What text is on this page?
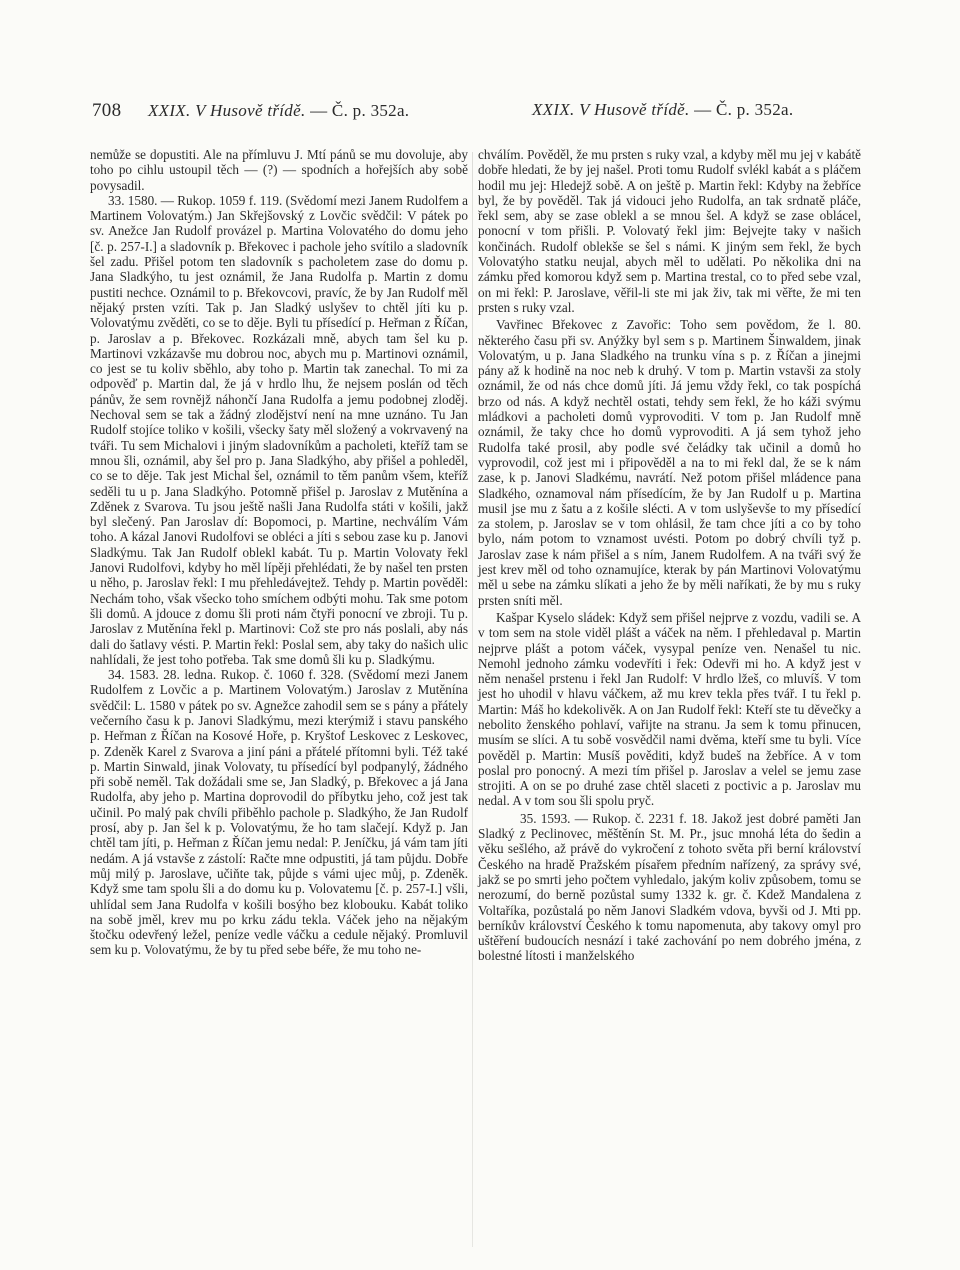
708 XXIX. V Husově třídě. — Č. p. 352a.	XXIX. V Husově třídě. — Č. p. 352a.

nemůže se dopustiti. Ale na přímluvu J. Mtí pánů se mu dovoluje, aby toho po cihlu ustoupil těch — (?) — spodních a hořejších aby sobě povysadil.

33. 1580. — Rukop. 1059 f. 119. (Svědomí mezi Janem Rudolfem a Martinem Volovatým.) Jan Skřejšovský z Lovčic svědčil: V pátek po sv. Anežce Jan Rudolf provázel p. Martina Volovatého do domu jeho [č. p. 257-I.] a sladovník p. Břekovec i pachole jeho svítilo a sladovník šel zadu. Přišel potom ten sladovník s pacholetem zase do domu p. Jana Sladkýho, tu jest oznámil, že Jana Rudolfa p. Martin z domu pustiti nechce. Oznámil to p. Břekovcovi, pravíc, že by Jan Rudolf měl nějaký prsten vzíti. Tak p. Jan Sladký uslyšev to chtěl jíti ku p. Volovatýmu zvěděti, co se to děje. Byli tu přísedící p. Heřman z Říčan, p. Jaroslav a p. Břekovec. Rozkázali mně, abych tam šel ku p. Martinovi vzkázavše mu dobrou noc, abych mu p. Martinovi oznámil, co jest se tu koliv sběhlo, aby toho p. Martin tak zanechal. To mi za odpověď p. Martin dal, že já v hrdlo lhu, že nejsem poslán od těch pánův, že sem rovnějž náhončí Jana Rudolfa a jemu podobnej zloděj. Nechoval sem se tak a žádný zlodějství není na mne uznáno. Tu Jan Rudolf stojíce toliko v košili, všecky šaty měl složený a vokrvavený na tváři. Tu sem Michalovi i jiným sladovníkům a pacholeti, kteříž tam se mnou šli, oznámil, aby šel pro p. Jana Sladkýho, aby přišel a pohleděl, co se to děje. Tak jest Michal šel, oznámil to těm panům všem, kteříž seděli tu u p. Jana Sladkýho. Potomně přišel p. Jaroslav z Mutěnína a Zděnek z Svarova. Tu jsou ještě našli Jana Rudolfa státi v košili, jakž byl slečený. Pan Jaroslav dí: Bopomoci, p. Martine, nechválím Vám toho. A kázal Janovi Rudolfovi se obléci a jíti s sebou zase ku p. Janovi Sladkýmu. Tak Jan Rudolf oblekl kabát. Tu p. Martin Volovaty řekl Janovi Rudolfovi, kdyby ho měl lípěji přehlédati, že by našel ten prsten u něho, p. Jaroslav řekl: I mu přehledávejtež. Tehdy p. Martin pověděl: Nechám toho, však všecko toho smíchem odbýti mohu. Tak sme potom šli domů. A jdouce z domu šli proti nám čtyři ponocní ve zbroji. Tu p. Jaroslav z Mutěnína řekl p. Martinovi: Což ste pro nás poslali, aby nás dali do šatlavy vésti. P. Martin řekl: Poslal sem, aby taky do našich ulic nahlídali, že jest toho potřeba. Tak sme domů šli ku p. Sladkýmu.

34. 1583. 28. ledna. Rukop. č. 1060 f. 328. (Svědomí mezi Janem Rudolfem z Lovčic a p. Martinem Volovatým.) Jaroslav z Mutěnína svědčil: L. 1580 v pátek po sv. Agnežce zahodil sem se s pány a přátely večerního času k p. Janovi Sladkýmu, mezi kterýmiž i stavu panského p. Heřman z Říčan na Kosové Hoře, p. Kryštof Leskovec z Leskovec, p. Zdeněk Karel z Svarova a jiní páni a přátelé přítomni byli. Též také p. Martin Sinwald, jinak Volovaty, tu přísedící byl podpanylý, žádného při sobě neměl. Tak dožádali sme se, Jan Sladký, p. Břekovec a já Jana Rudolfa, aby jeho p. Martina doprovodil do příbytku jeho, což jest tak učinil. Po malý pak chvíli přiběhlo pachole p. Sladkýho, že Jan Rudolf prosí, aby p. Jan šel k p. Volovatýmu, že ho tam slačejí. Když p. Jan chtěl tam jíti, p. Heřman z Říčan jemu nedal: P. Jeníčku, já vám tam jíti nedám. A já vstavše z zástolí: Račte mne odpustiti, já tam půjdu. Dobře můj milý p. Jaroslave, učiňte tak, půjde s vámi ujec můj, p. Zdeněk. Když sme tam spolu šli a do domu ku p. Volovatemu [č. p. 257-I.] všli, uhlídal sem Jana Rudolfa v košili bosýho bez klobouku. Kabát toliko na sobě jměl, krev mu po krku zádu tekla. Váček jeho na nějakým štočku odevřený ležel, peníze vedle váčku a cedule nějaký. Promluvil sem ku p. Volovatýmu, že by tu před sebe béře, že mu toho ne-

chválím. Pověděl, že mu prsten s ruky vzal, a kdyby měl mu jej v kabátě dobře hledati, že by jej našel. Proti tomu Rudolf svlékl kabát a s pláčem hodil mu jej: Hledejž sobě. A on ještě p. Martin řekl: Kdyby na žebříce byl, že by pověděl. Tak já vidouci jeho Rudolfa, an tak srdnatě pláče, řekl sem, aby se zase oblekl a se mnou šel. A když se zase oblácel, ponocní v tom přišli. P. Volovatý řekl jim: Bejvejte taky v našich končinách. Rudolf oblekše se šel s námi. K jiným sem řekl, že bych Volovatýho statku neujal, abych měl to udělati. Po několika dni na zámku před komorou když sem p. Martina trestal, co to před sebe vzal, on mi řekl: P. Jaroslave, věřil-li ste mi jak živ, tak mi věřte, že mi ten prsten s ruky vzal.

Vavřinec Břekovec z Zavořic: Toho sem povědom, že l. 80. některého času při sv. Anýžky byl sem s p. Martinem Šinwaldem, jinak Volovatým, u p. Jana Sladkého na trunku vína s p. z Říčan a jinejmi pány až k hodině na noc neb k druhý. V tom p. Martin vstavši za stoly oznámil, že od nás chce domů jíti. Já jemu vždy řekl, co tak pospíchá brzo od nás. A když nechtěl ostati, tehdy sem řekl, že ho káži svýmu mládkovi a pacholeti domů vyprovoditi. V tom p. Jan Rudolf mně oznámil, že taky chce ho domů vyprovoditi. A já sem tyhož jeho Rudolfa také prosil, aby podle své čeládky tak učinil a domů ho vyprovodil, což jest mi i připověděl a na to mi řekl dal, že se k nám zase, k p. Janovi Sladkému, navrátí. Než potom přišel mládence pana Sladkého, oznamoval nám přísedícím, že by Jan Rudolf u p. Martina musil jse mu z šatu a z košile slécti. A v tom uslyševše to my přísedící za stolem, p. Jaroslav se v tom ohlásil, že tam chce jíti a co by toho bylo, nám potom to vznamost uvésti. Potom po dobrý chvíli tyž p. Jaroslav zase k nám přišel a s ním, Janem Rudolfem. A na tváři svý že jest krev měl od toho oznamujíce, kterak by pán Martinovi Volovatýmu měl u sebe na zámku slíkati a jeho že by měli naříkati, že by mu s ruky prsten sníti měl.

Kašpar Kyselo sládek: Když sem přišel nejprve z vozdu, vadili se. A v tom sem na stole viděl plášt a váček na něm. I přehledaval p. Martin nejprve plášt a potom váček, vysypal peníze ven. Nenašel tu nic. Nemohl jednoho zámku vodevříti i řek: Odevři mi ho. A když jest v něm nenašel prstenu i řekl Jan Rudolf: V hrdlo lžeš, co mluvíš. V tom jest ho uhodil v hlavu váčkem, až mu krev tekla přes tvář. I tu řekl p. Martin: Máš ho kdekolivěk. A on Jan Rudolf řekl: Kteří ste tu děvečky a nebolito ženského pohlaví, vařijte na stranu. Ja sem k tomu přinucen, musím se slíci. A tu sobě vosvědčil nami dvěma, kteří sme tu byli. Více pověděl p. Martin: Musíš pověditi, když budeš na žebříce. A v tom poslal pro ponocný. A mezi tím přišel p. Jaroslav a velel se jemu zase strojiti. A on se po druhé zase chtěl slaceti z poctivic a p. Jaroslav mu nedal. A v tom sou šli spolu pryč.

35. 1593. — Rukop. č. 2231 f. 18. Jakož jest dobré paměti Jan Sladký z Peclinovec, měštěnín St. M. Pr., jsuc mnohá léta do šedin a věku sešlého, až právě do vykročení z tohoto světa při berní království Českého na hradě Pražském písařem předním nařízený, za správy své, jakž se po smrti jeho počtem vyhledalo, jakým koliv způsobem, tomu se nerozumí, do berně pozůstal sumy 1332 k. gr. č. Kdež Mandalena z Voltaříka, pozůstalá po něm Janovi Sladkém vdova, byvši od J. Mti pp. berníkův království Českého k tomu napomenuta, aby takovy omyl pro uštěření budoucích nesnází i také zachování po nem dobrého jména, z bolestné lítosti i manželského
